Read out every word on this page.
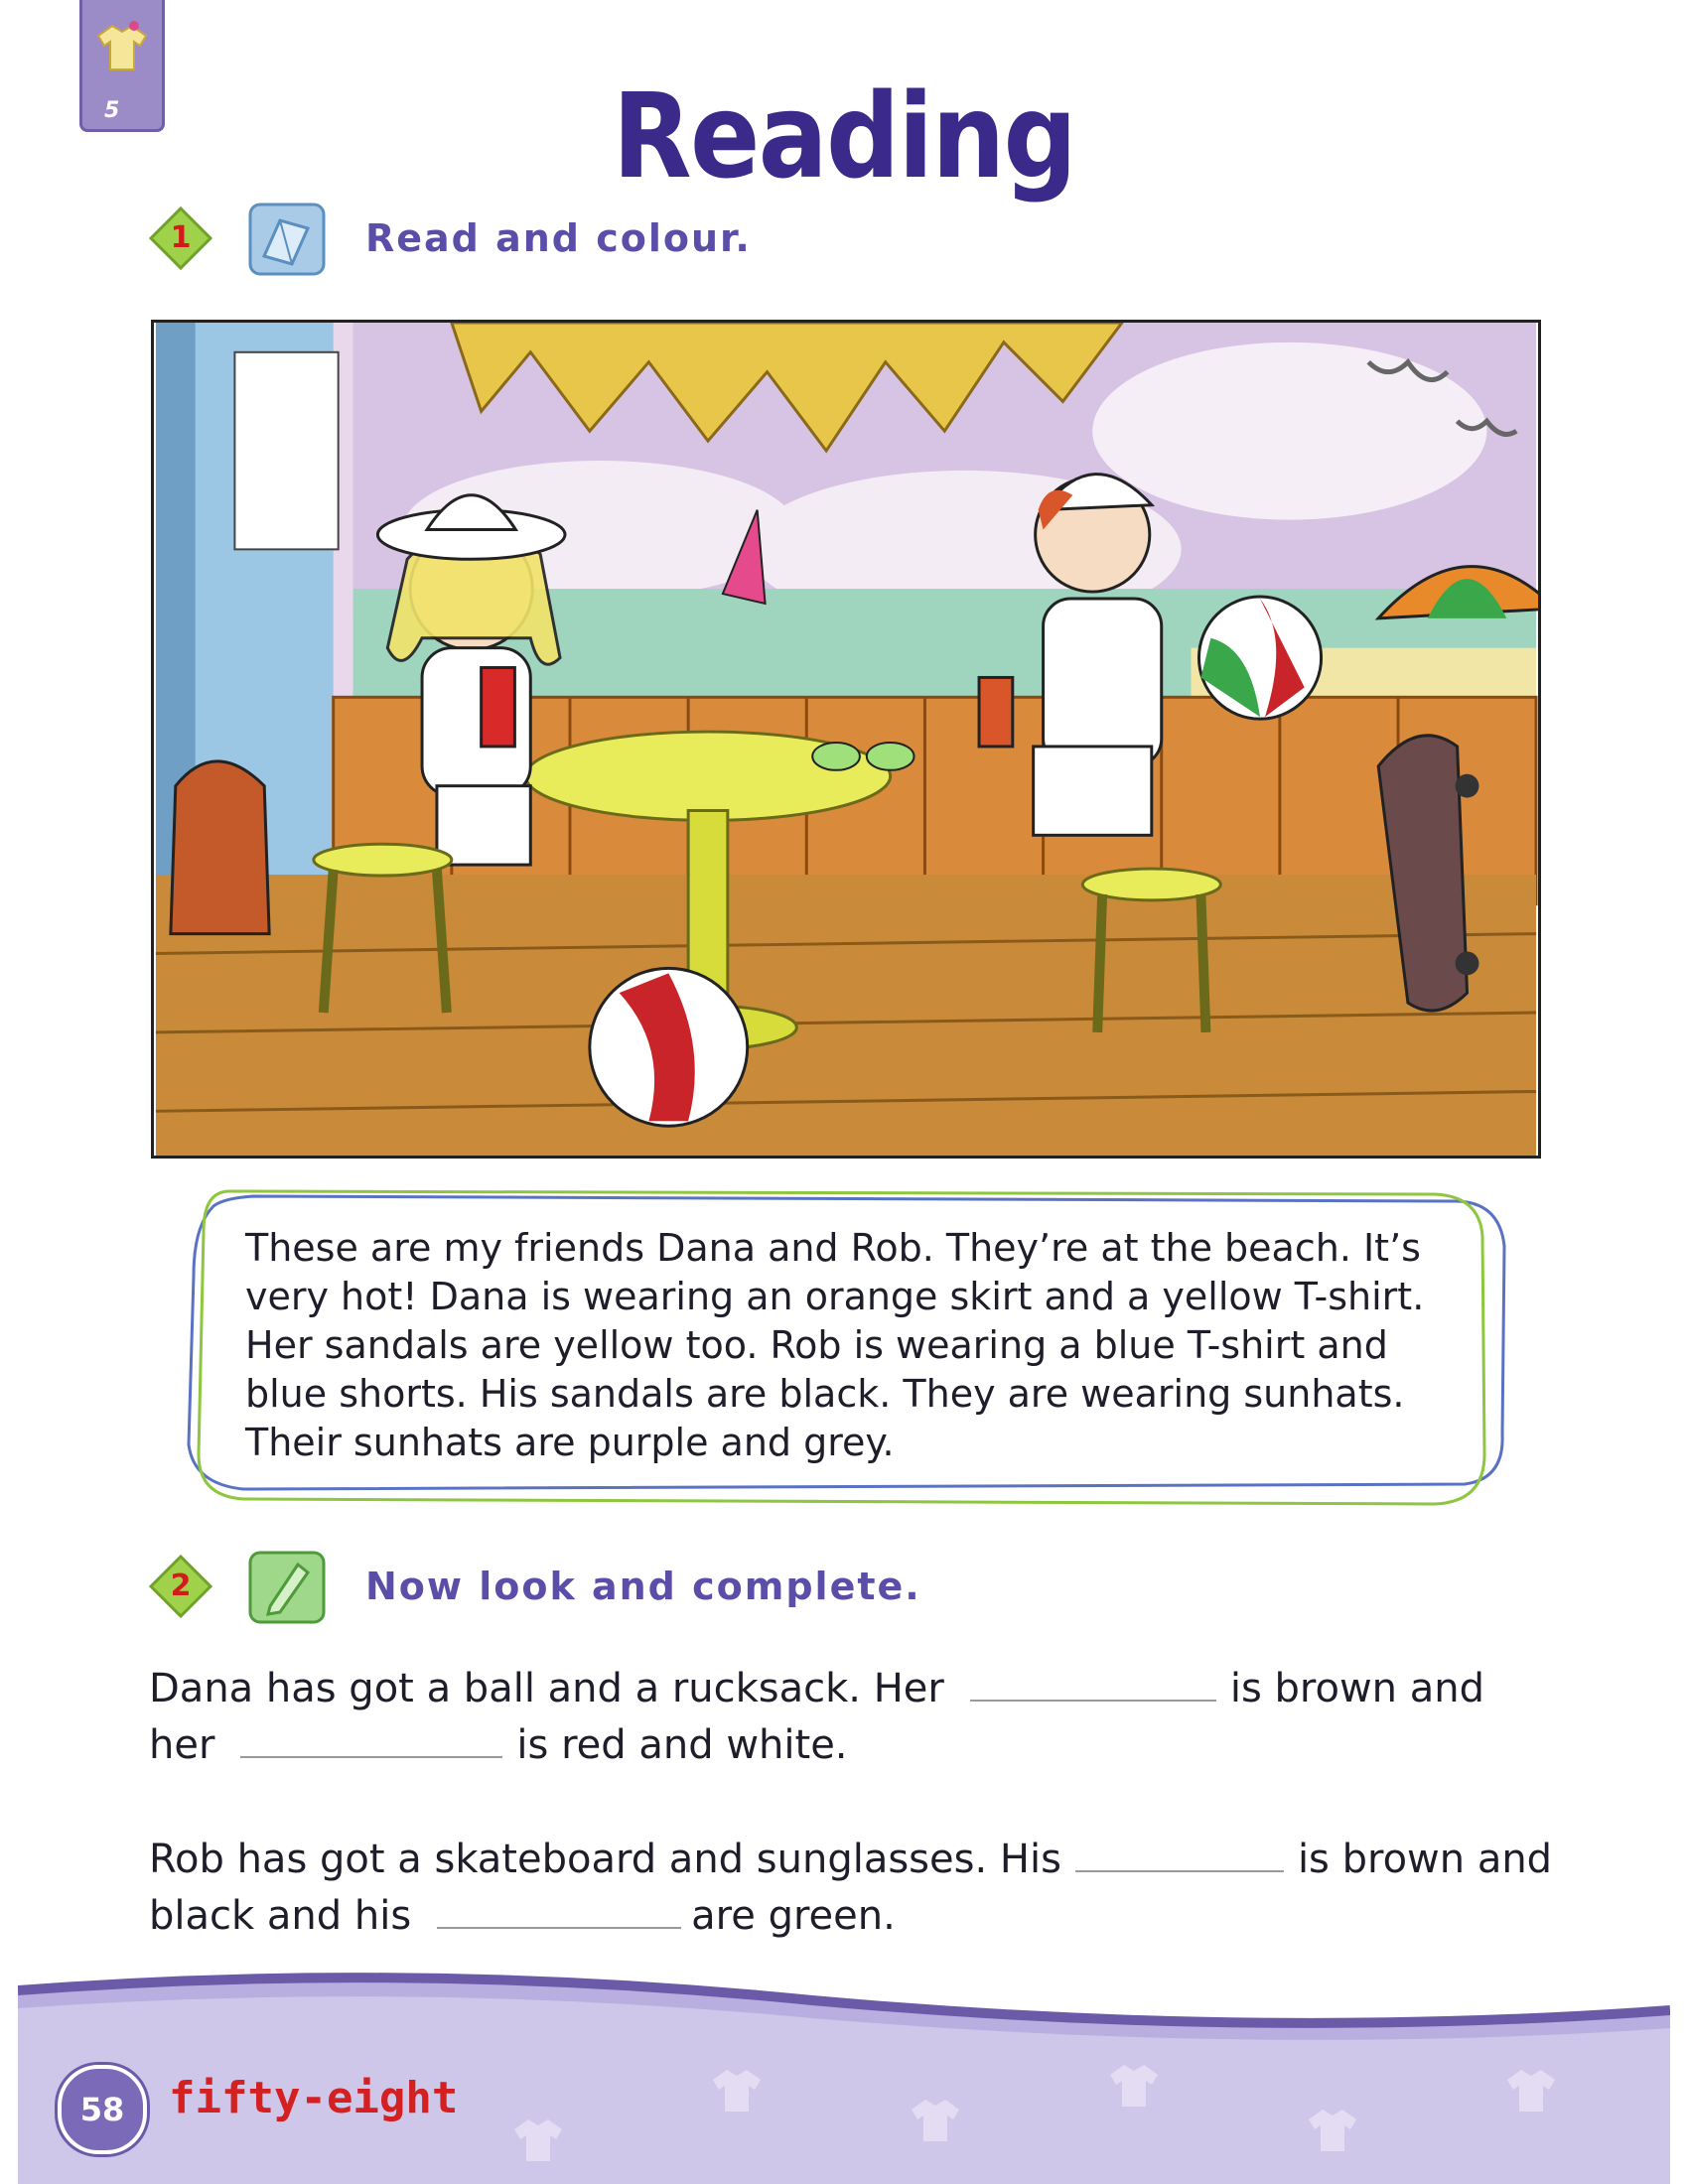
5	Reading
1	Read and colour.
These are my friends Dana and Rob. They’re at the beach. It’s
very hot! Dana is wearing an orange skirt and a yellow T-shirt.
Her sandals are yellow too. Rob is wearing a blue T-shirt and
blue shorts. His sandals are black. They are wearing sunhats.
Their sunhats are purple and grey.
2	Now look and complete.
Dana has got a ball and a rucksack. Her	is brown and
her	is red and white.
Rob has got a skateboard and sunglasses. His	is brown and
black and his	are green.
58	fifty-eight
